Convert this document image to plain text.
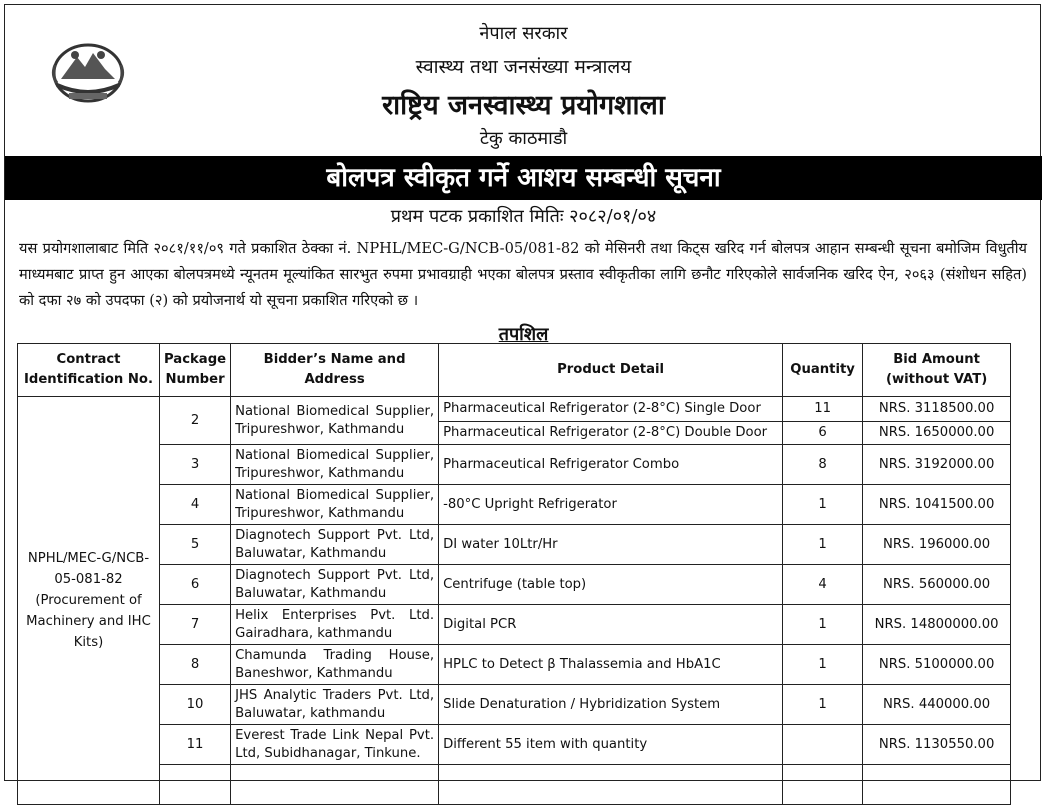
नेपाल सरकार
स्वास्थ्य तथा जनसंख्या मन्त्रालय
राष्ट्रिय जनस्वास्थ्य प्रयोगशाला
टेकु काठमाडौ
बोलपत्र स्वीकृत गर्ने आशय सम्बन्धी सूचना
प्रथम पटक प्रकाशित मितिः २०८२/०१/०४
यस प्रयोगशालाबाट मिति २०८१/११/०९ गते प्रकाशित ठेक्का नं. NPHL/MEC-G/NCB-05/081-82 को मेसिनरी तथा किट्स खरिद गर्न बोलपत्र आहान सम्बन्धी सूचना बमोजिम विधुतीय माध्यमबाट प्राप्त हुन आएका बोलपत्रमध्ये न्यूनतम मूल्यांकित सारभुत रुपमा प्रभावग्राही भएका बोलपत्र प्रस्ताव स्वीकृतीका लागि छनौट गरिएकोले सार्वजनिक खरिद ऐन, २०६३ (संशोधन सहित) को दफा २७ को उपदफा (२) को प्रयोजनार्थ यो सूचना प्रकाशित गरिएको छ ।
तपशिल
Contract Identification No.	Package Number	Bidder’s Name and Address	Product Detail	Quantity	Bid Amount (without VAT)
NPHL/MEC-G/NCB-05-081-82 (Procurement of Machinery and IHC Kits)	2	National Biomedical Supplier, Tripureshwor, Kathmandu	Pharmaceutical Refrigerator (2-8°C) Single Door	11	NRS. 3118500.00
			Pharmaceutical Refrigerator (2-8°C) Double Door	6	NRS. 1650000.00
	3	National Biomedical Supplier, Tripureshwor, Kathmandu	Pharmaceutical Refrigerator Combo	8	NRS. 3192000.00
	4	National Biomedical Supplier, Tripureshwor, Kathmandu	-80°C Upright Refrigerator	1	NRS. 1041500.00
	5	Diagnotech Support Pvt. Ltd, Baluwatar, Kathmandu	DI water 10Ltr/Hr	1	NRS. 196000.00
	6	Diagnotech Support Pvt. Ltd, Baluwatar, Kathmandu	Centrifuge (table top)	4	NRS. 560000.00
	7	Helix Enterprises Pvt. Ltd. Gairadhara, kathmandu	Digital PCR	1	NRS. 14800000.00
	8	Chamunda Trading House, Baneshwor, Kathmandu	HPLC to Detect β Thalassemia and HbA1C	1	NRS. 5100000.00
	10	JHS Analytic Traders Pvt. Ltd, Baluwatar, kathmandu	Slide Denaturation / Hybridization System	1	NRS. 440000.00
	11	Everest Trade Link Nepal Pvt. Ltd, Subidhanagar, Tinkune.	Different 55 item with quantity		NRS. 1130550.00
